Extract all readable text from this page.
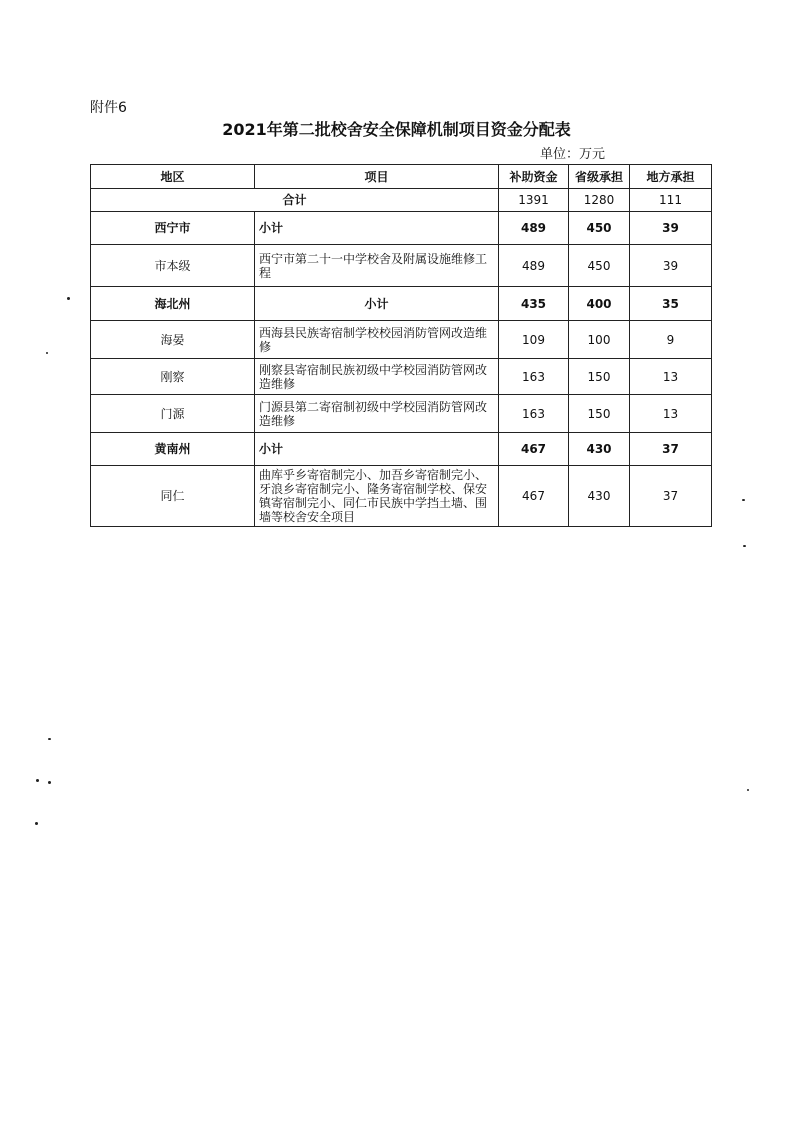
附件6
2021年第二批校舍安全保障机制项目资金分配表
单位：万元
地区	项目	补助资金	省级承担	地方承担
合计		1391	1280	111
西宁市	小计	489	450	39
市本级	西宁市第二十一中学校舍及附属设施维修工程	489	450	39
海北州	小计	435	400	35
海晏	西海县民族寄宿制学校校园消防管网改造维修	109	100	9
刚察	刚察县寄宿制民族初级中学校园消防管网改造维修	163	150	13
门源	门源县第二寄宿制初级中学校园消防管网改造维修	163	150	13
黄南州	小计	467	430	37
同仁	曲库乎乡寄宿制完小、加吾乡寄宿制完小、牙浪乡寄宿制完小、隆务寄宿制学校、保安镇寄宿制完小、同仁市民族中学挡土墙、围墙等校舍安全项目	467	430	37
